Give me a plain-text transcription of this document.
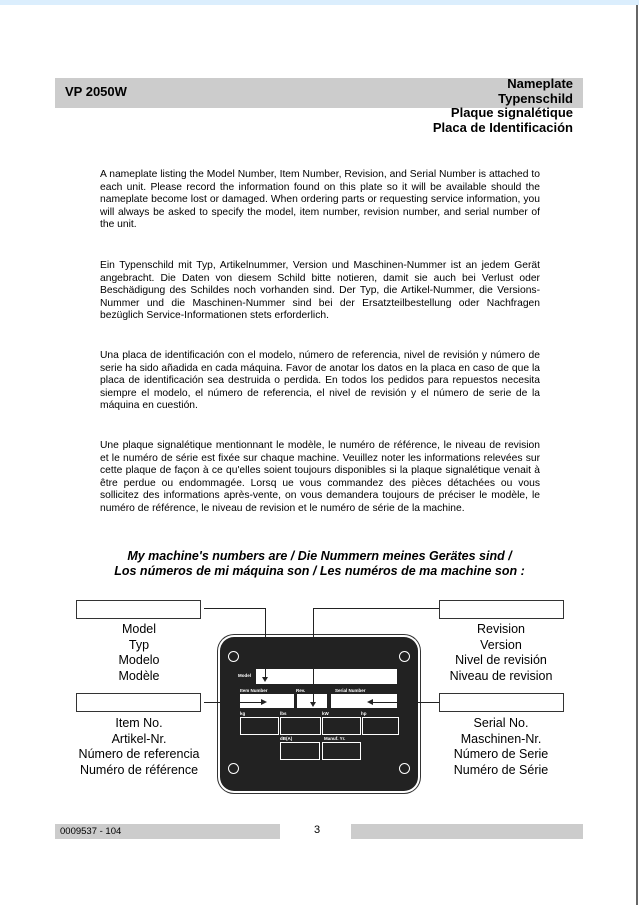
VP 2050W
Nameplate
Typenschild
Plaque signalétique
Placa de Identificación
A nameplate listing the Model Number, Item Number, Revision, and Serial Number is attached to each unit. Please record the information found on this plate so it will be available should the nameplate become lost or damaged. When ordering parts or requesting service information, you will always be asked to specify the model, item number, revision number, and serial number of the unit.
Ein Typenschild mit Typ, Artikelnummer, Version und Maschinen-Nummer ist an jedem Gerät angebracht. Die Daten von diesem Schild bitte notieren, damit sie auch bei Verlust oder Beschädigung des Schildes noch vorhanden sind. Der Typ, die Artikel-Nummer, die Versions- Nummer und die Maschinen-Nummer sind bei der Ersatzteilbestellung oder Nachfragen bezüglich Service-Informationen stets erforderlich.
Una placa de identificación con el modelo, número de referencia, nivel de revisión y número de serie ha sido añadida en cada máquina. Favor de anotar los datos en la placa en caso de que la placa de identificación sea destruida o perdida. En todos los pedidos para repuestos necesita siempre el modelo, el número de referencia, el nivel de revisión y el número de serie de la máquina en cuestión.
Une plaque signalétique mentionnant le modèle, le numéro de référence, le niveau de revision et le numéro de série est fixée sur chaque machine. Veuillez noter les informations relevées sur cette plaque de façon à ce qu'elles soient toujours disponibles si la plaque signalétique venait à être perdue ou endommagée. Lorsq ue vous commandez des pièces détachées ou vous sollicitez des informations après-vente, on vous demandera toujours de préciser le modèle, le numéro de référence, le niveau de revision et le numéro de série de la machine.
My machine's numbers are / Die Nummern meines Gerätes sind /
Los números de mi máquina son / Les numéros de ma machine son :
Model
Typ
Modelo
Modèle
Item No.
Artikel-Nr.
Número de referencia
Numéro de référence
Revision
Version
Nivel de revisión
Niveau de revision
Serial No.
Maschinen-Nr.
Número de Serie
Numéro de Série
Model
Item Number	Rev.	Serial Number
kg	lbs	kW	hp
dB(A)	Manuf. Yr.
0009537 - 104	3
